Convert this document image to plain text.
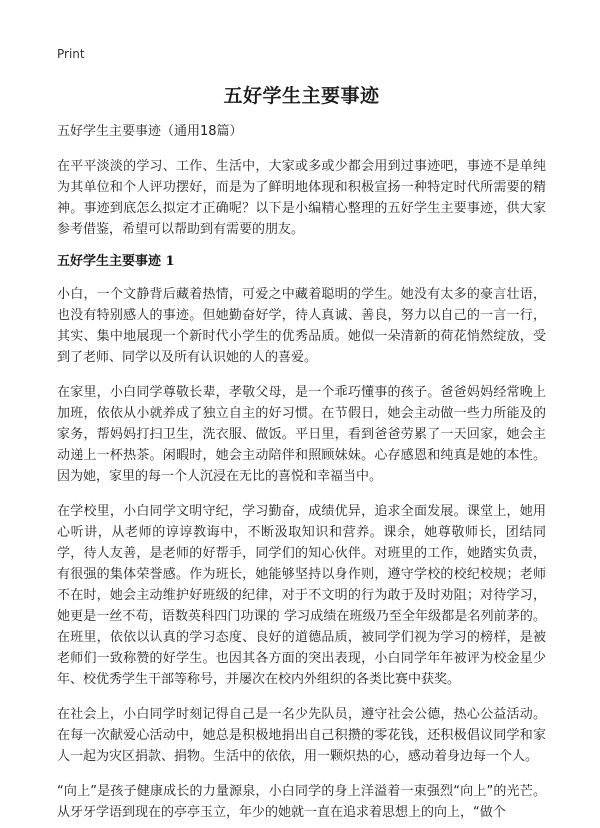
Print
五好学生主要事迹
五好学生主要事迹（通用18篇）

在平平淡淡的学习、工作、生活中，大家或多或少都会用到过事迹吧，事迹不是单纯为其单位和个人评功摆好，而是为了鲜明地体现和积极宣扬一种特定时代所需要的精神。事迹到底怎么拟定才正确呢？以下是小编精心整理的五好学生主要事迹，供大家参考借鉴，希望可以帮助到有需要的朋友。

五好学生主要事迹 1

小白，一个文静背后藏着热情，可爱之中藏着聪明的学生。她没有太多的豪言壮语，也没有特别感人的事迹。但她勤奋好学，待人真诚、善良，努力以自己的一言一行，其实、集中地展现一个新时代小学生的优秀品质。她似一朵清新的荷花悄然绽放，受到了老师、同学以及所有认识她的人的喜爱。

在家里，小白同学尊敬长辈，孝敬父母，是一个乖巧懂事的孩子。爸爸妈妈经常晚上加班，依依从小就养成了独立自主的好习惯。在节假日，她会主动做一些力所能及的家务，帮妈妈打扫卫生，洗衣服、做饭。平日里，看到爸爸劳累了一天回家，她会主动递上一杯热茶。闲暇时，她会主动陪伴和照顾妹妹。心存感恩和纯真是她的本性。因为她，家里的每一个人沉浸在无比的喜悦和幸福当中。

在学校里，小白同学文明守纪，学习勤奋，成绩优异，追求全面发展。课堂上，她用心听讲，从老师的谆谆教诲中，不断汲取知识和营养。课余，她尊敬师长，团结同学，待人友善，是老师的好帮手，同学们的知心伙伴。对班里的工作，她踏实负责，有很强的集体荣誉感。作为班长，她能够坚持以身作则，遵守学校的校纪校规；老师不在时，她会主动维护好班级的纪律，对于不文明的行为敢于及时劝阻；对待学习，她更是一丝不苟，语数英科四门功课的 学习成绩在班级乃至全年级都是名列前茅的。在班里，依依以认真的学习态度、良好的道德品质，被同学们视为学习的榜样，是被老师们一致称赞的好学生。也因其各方面的突出表现，小白同学年年被评为校金星少年、校优秀学生干部等称号，并屡次在校内外组织的各类比赛中获奖。

在社会上，小白同学时刻记得自己是一名少先队员，遵守社会公德，热心公益活动。在每一次献爱心活动中，她总是积极地捐出自己积攒的零花钱，还积极倡议同学和家人一起为灾区捐款、捐物。生活中的依依，用一颗炽热的心，感动着身边每一个人。

“向上”是孩子健康成长的力量源泉，小白同学的身上洋溢着一束强烈“向上”的光芒。从牙牙学语到现在的亭亭玉立，年少的她就一直在追求着思想上的向上，“做个
